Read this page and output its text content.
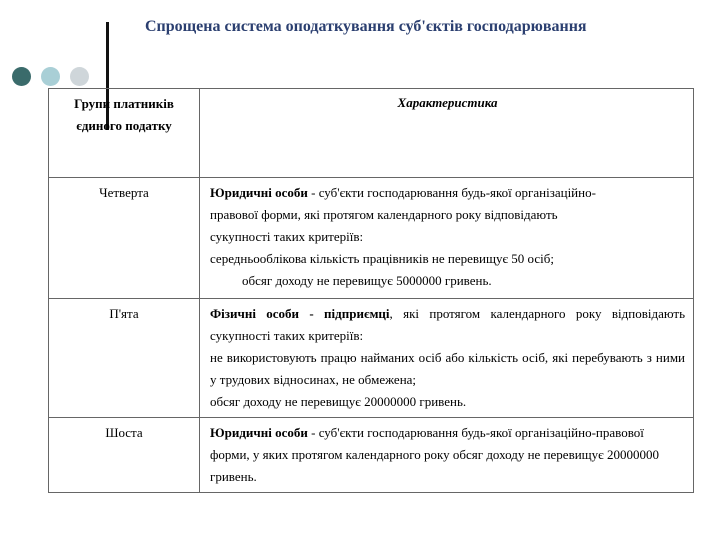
Спрощена система оподаткування суб'єктів господарювання
Групи платників
єдиного податку	Характеристика
Четверта	Юридичні особи - суб'єкти господарювання будь-якої організаційно-
правової форми, які протягом календарного року відповідають
сукупності таких критеріїв:
середньооблікова кількість працівників не перевищує 50 осіб;
обсяг доходу не перевищує 5000000 гривень.

П'ята	Фізичні особи - підприємці, які протягом календарного року відповідають сукупності таких критеріїв:
не використовують працю найманих осіб або кількість осіб, які перебувають з ними у трудових відносинах, не обмежена;
обсяг доходу не перевищує 20000000 гривень.

Шоста	Юридичні особи - суб'єкти господарювання будь-якої організаційно-правової форми, у яких протягом календарного року обсяг доходу не перевищує 20000000 гривень.
